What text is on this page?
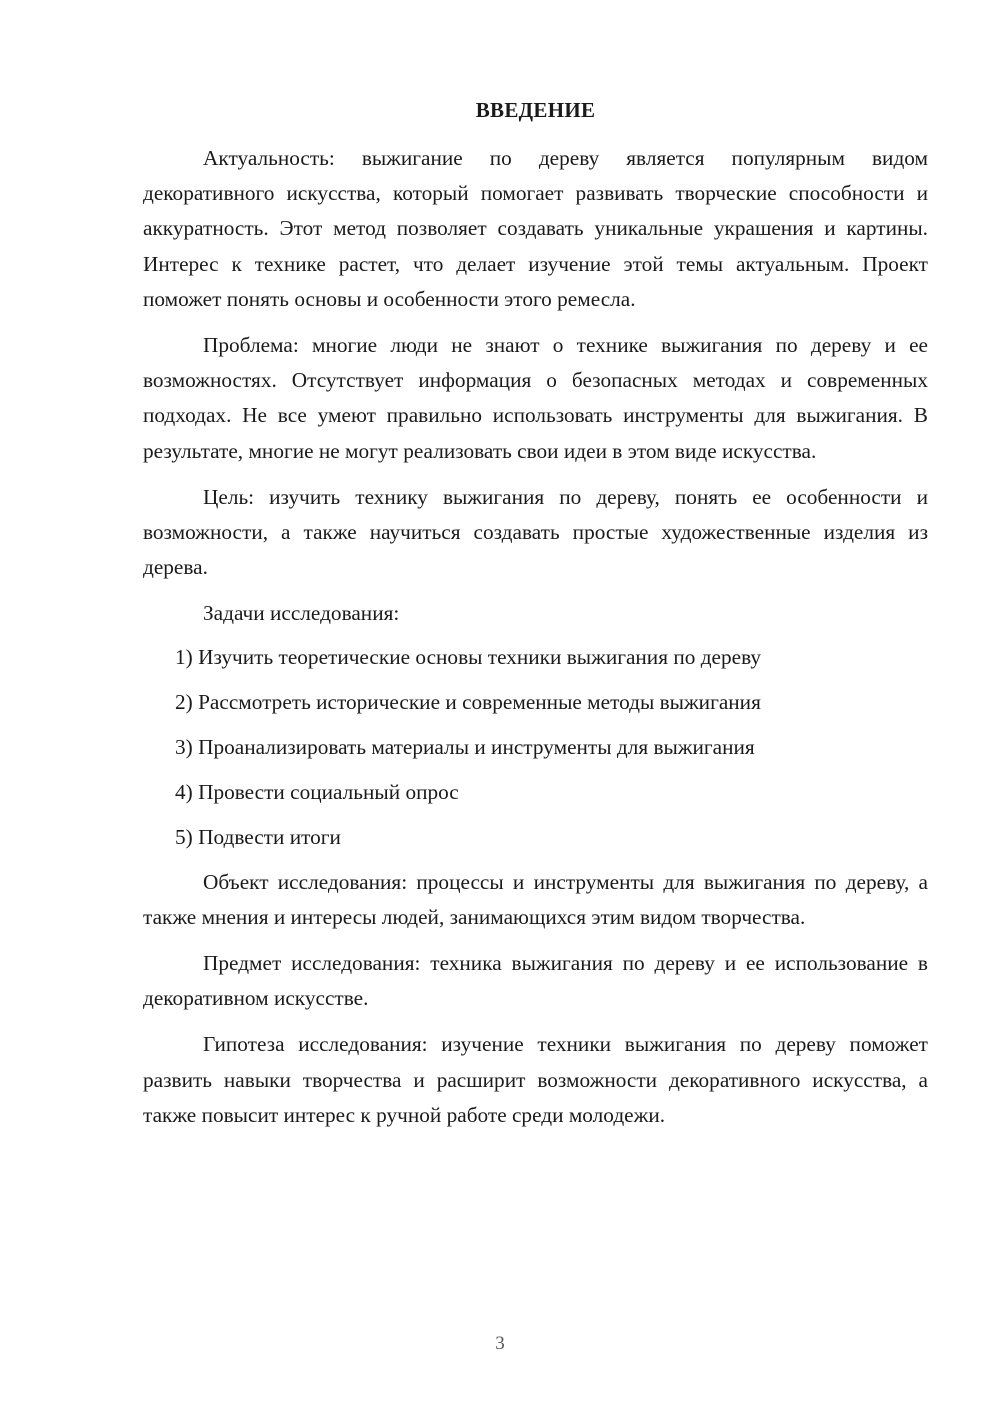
ВВЕДЕНИЕ

Актуальность: выжигание по дереву является популярным видом декоративного искусства, который помогает развивать творческие способности и аккуратность. Этот метод позволяет создавать уникальные украшения и картины. Интерес к технике растет, что делает изучение этой темы актуальным. Проект поможет понять основы и особенности этого ремесла.

Проблема: многие люди не знают о технике выжигания по дереву и ее возможностях. Отсутствует информация о безопасных методах и современных подходах. Не все умеют правильно использовать инструменты для выжигания. В результате, многие не могут реализовать свои идеи в этом виде искусства.

Цель: изучить технику выжигания по дереву, понять ее особенности и возможности, а также научиться создавать простые художественные изделия из дерева.

Задачи исследования:

1) Изучить теоретические основы техники выжигания по дереву
2) Рассмотреть исторические и современные методы выжигания
3) Проанализировать материалы и инструменты для выжигания
4) Провести социальный опрос
5) Подвести итоги

Объект исследования: процессы и инструменты для выжигания по дереву, а также мнения и интересы людей, занимающихся этим видом творчества.

Предмет исследования: техника выжигания по дереву и ее использование в декоративном искусстве.

Гипотеза исследования: изучение техники выжигания по дереву поможет развить навыки творчества и расширит возможности декоративного искусства, а также повысит интерес к ручной работе среди молодежи.

3
